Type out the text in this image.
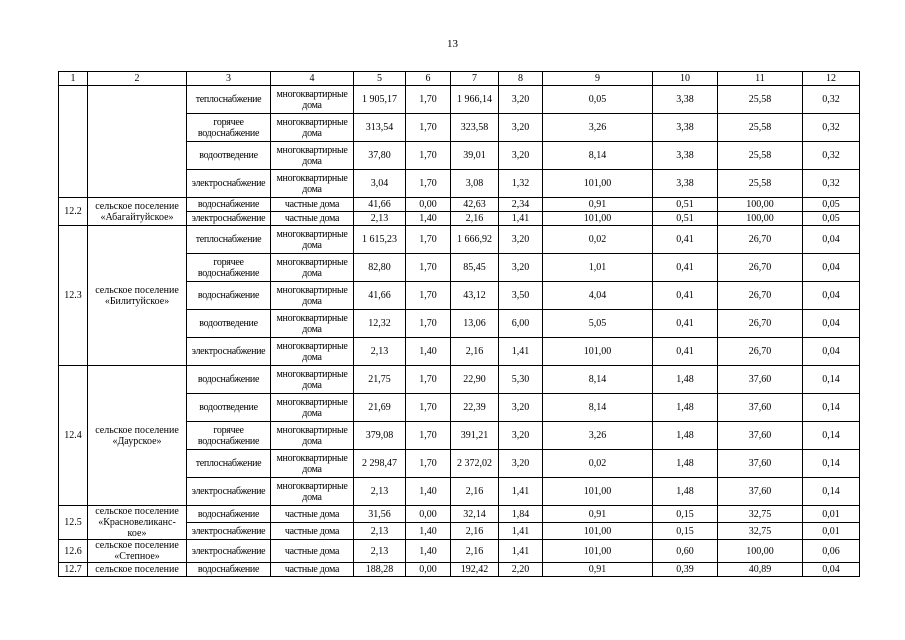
13
1	2	3	4	5	6	7	8	9	10	11	12
		теплоснабжение	многоквартирные дома	1 905,17	1,70	1 966,14	3,20	0,05	3,38	25,58	0,32
		горячее водоснабжение	многоквартирные дома	313,54	1,70	323,58	3,20	3,26	3,38	25,58	0,32
		водоотведение	многоквартирные дома	37,80	1,70	39,01	3,20	8,14	3,38	25,58	0,32
		электроснабжение	многоквартирные дома	3,04	1,70	3,08	1,32	101,00	3,38	25,58	0,32
12.2	сельское поселение «Абагайтуйское»	водоснабжение	частные дома	41,66	0,00	42,63	2,34	0,91	0,51	100,00	0,05
		электроснабжение	частные дома	2,13	1,40	2,16	1,41	101,00	0,51	100,00	0,05
12.3	сельское поселение «Билитуйское»	теплоснабжение	многоквартирные дома	1 615,23	1,70	1 666,92	3,20	0,02	0,41	26,70	0,04
		горячее водоснабжение	многоквартирные дома	82,80	1,70	85,45	3,20	1,01	0,41	26,70	0,04
		водоснабжение	многоквартирные дома	41,66	1,70	43,12	3,50	4,04	0,41	26,70	0,04
		водоотведение	многоквартирные дома	12,32	1,70	13,06	6,00	5,05	0,41	26,70	0,04
		электроснабжение	многоквартирные дома	2,13	1,40	2,16	1,41	101,00	0,41	26,70	0,04
12.4	сельское поселение «Даурское»	водоснабжение	многоквартирные дома	21,75	1,70	22,90	5,30	8,14	1,48	37,60	0,14
		водоотведение	многоквартирные дома	21,69	1,70	22,39	3,20	8,14	1,48	37,60	0,14
		горячее водоснабжение	многоквартирные дома	379,08	1,70	391,21	3,20	3,26	1,48	37,60	0,14
		теплоснабжение	многоквартирные дома	2 298,47	1,70	2 372,02	3,20	0,02	1,48	37,60	0,14
		электроснабжение	многоквартирные дома	2,13	1,40	2,16	1,41	101,00	1,48	37,60	0,14
12.5	сельское поселение «Красновеликанс-кое»	водоснабжение	частные дома	31,56	0,00	32,14	1,84	0,91	0,15	32,75	0,01
		электроснабжение	частные дома	2,13	1,40	2,16	1,41	101,00	0,15	32,75	0,01
12.6	сельское поселение «Степное»	электроснабжение	частные дома	2,13	1,40	2,16	1,41	101,00	0,60	100,00	0,06
12.7	сельское поселение	водоснабжение	частные дома	188,28	0,00	192,42	2,20	0,91	0,39	40,89	0,04
